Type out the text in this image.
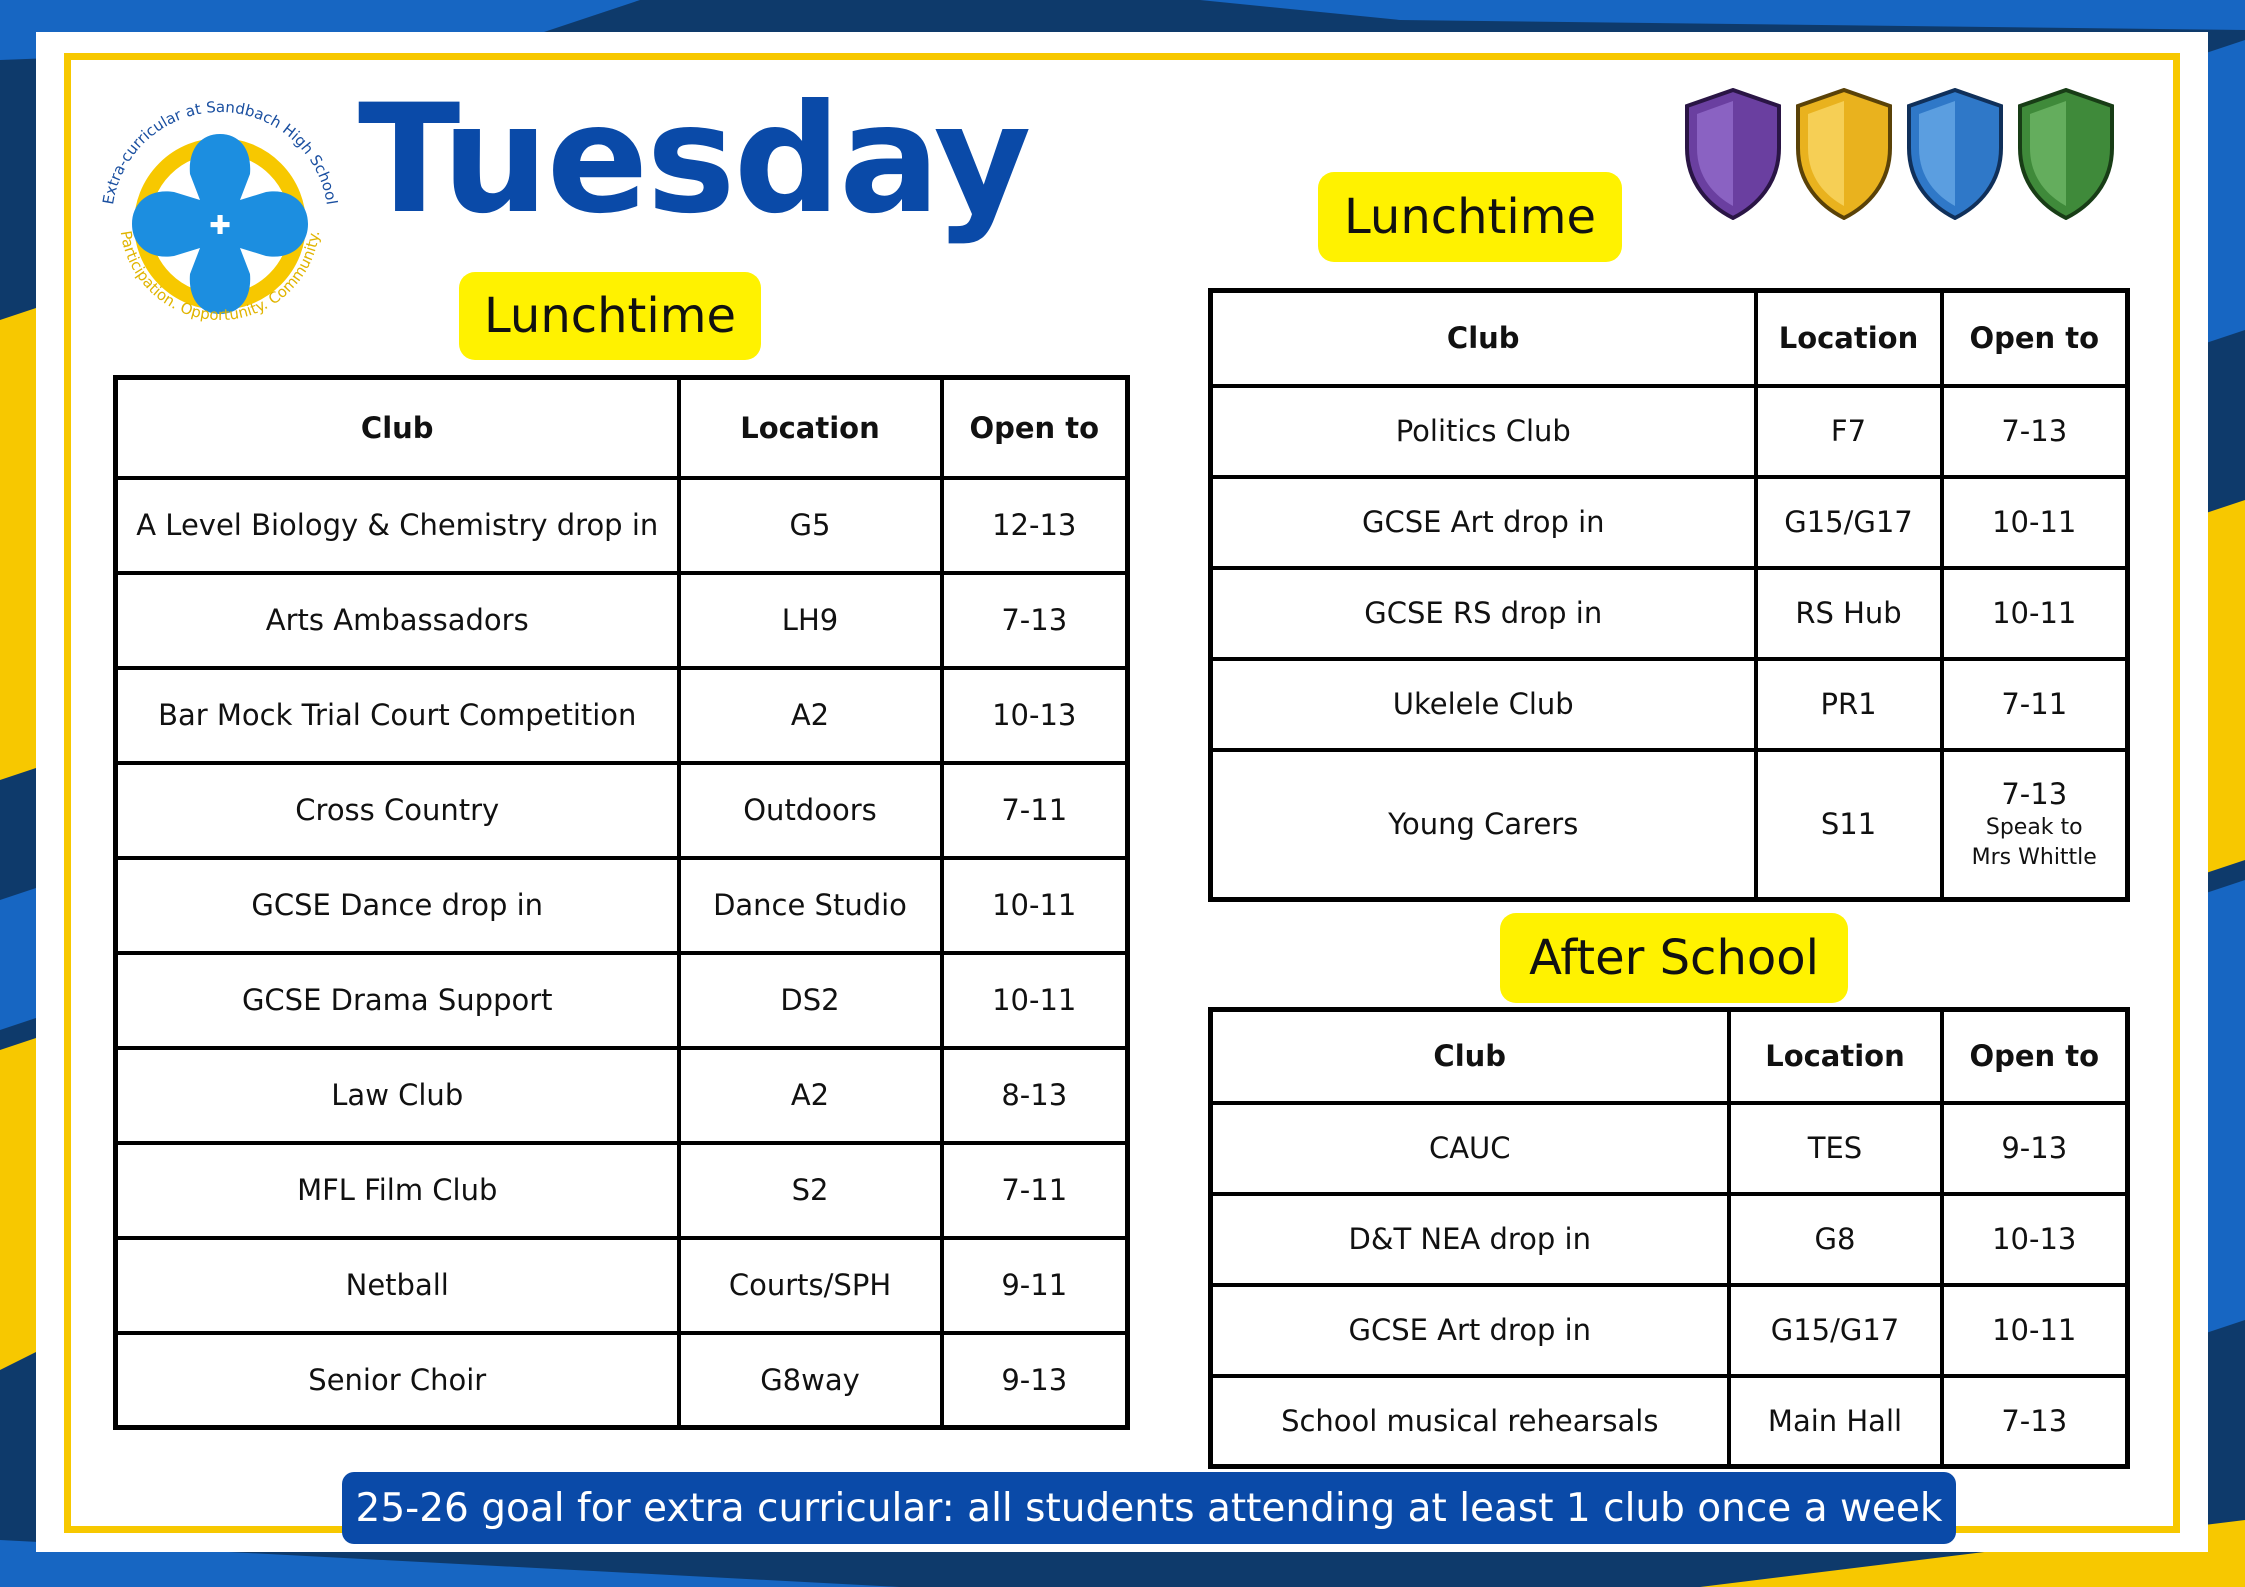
✚
Extra-curricular at Sandbach High School
Participation. Opportunity. Community. Tuesday
Lunchtime
Club	Location	Open to
A Level Biology & Chemistry drop in	G5	12-13
Arts Ambassadors	LH9	7-13
Bar Mock Trial Court Competition	A2	10-13
Cross Country	Outdoors	7-11
GCSE Dance drop in	Dance Studio	10-11
GCSE Drama Support	DS2	10-11
Law Club	A2	8-13
MFL Film Club	S2	7-11
Netball	Courts/SPH	9-11
Senior Choir	G8way	9-13
Lunchtime
Club	Location	Open to
Politics Club	F7	7-13
GCSE Art drop in	G15/G17	10-11
GCSE RS drop in	RS Hub	10-11
Ukelele Club	PR1	7-11
Young Carers	S11	7-13
Speak to
Mrs Whittle
After School
Club	Location	Open to
CAUC	TES	9-13
D&T NEA drop in	G8	10-13
GCSE Art drop in	G15/G17	10-11
School musical rehearsals	Main Hall	7-13
25-26 goal for extra curricular: all students attending at least 1 club once a week
